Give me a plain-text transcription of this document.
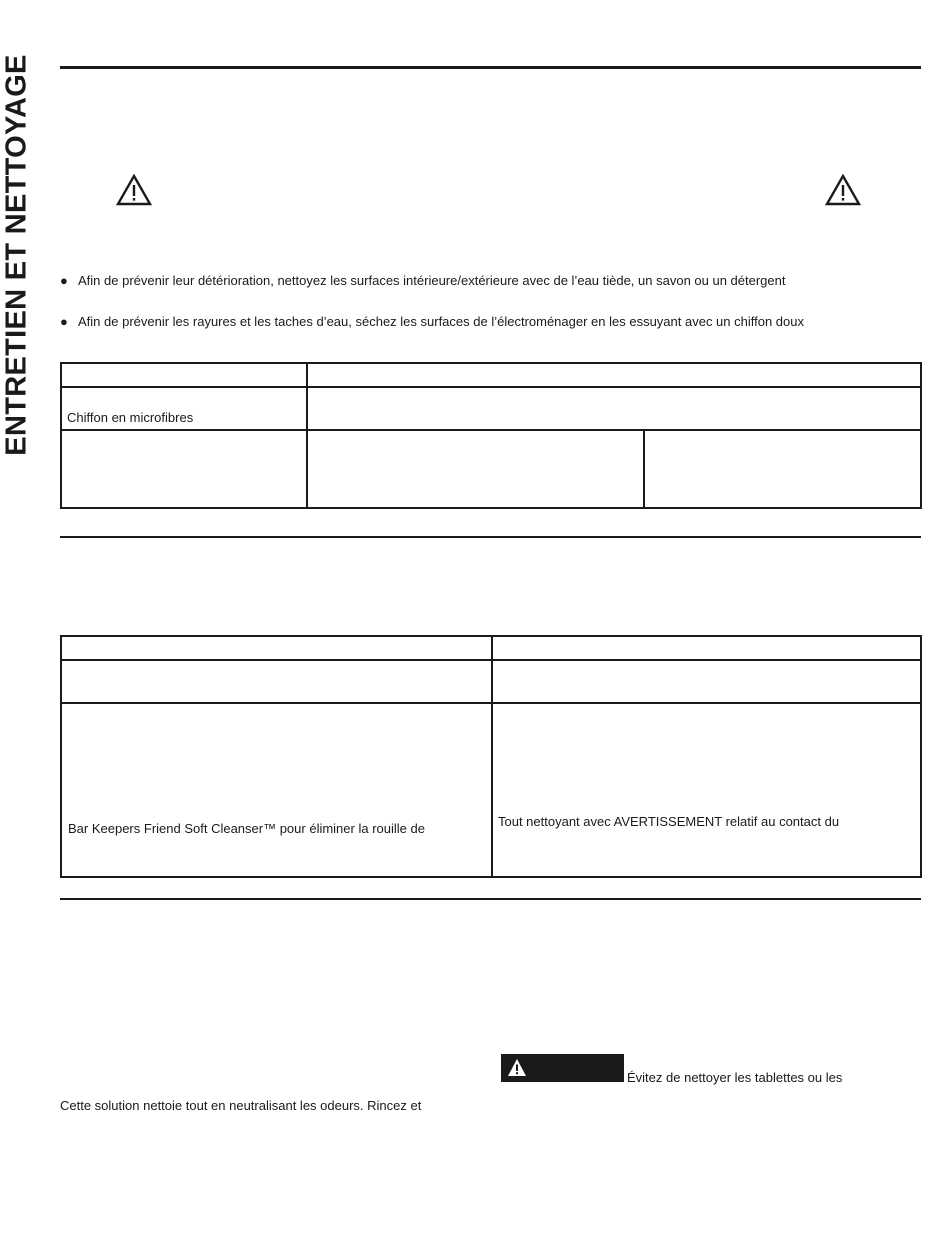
ENTRETIEN ET NETTOYAGE ● Afin de prévenir leur détérioration, nettoyez les surfaces intérieure/extérieure avec de l’eau tiède, un savon ou un détergent
● Afin de prévenir les rayures et les taches d’eau, séchez les surfaces de l’électroménager en les essuyant avec un chiffon doux
Chiffon en microfibres
Bar Keepers Friend Soft Cleanser™ pour éliminer la rouille de	Tout nettoyant avec AVERTISSEMENT relatif au contact du
Évitez de nettoyer les tablettes ou les
Cette solution nettoie tout en neutralisant les odeurs. Rincez et
